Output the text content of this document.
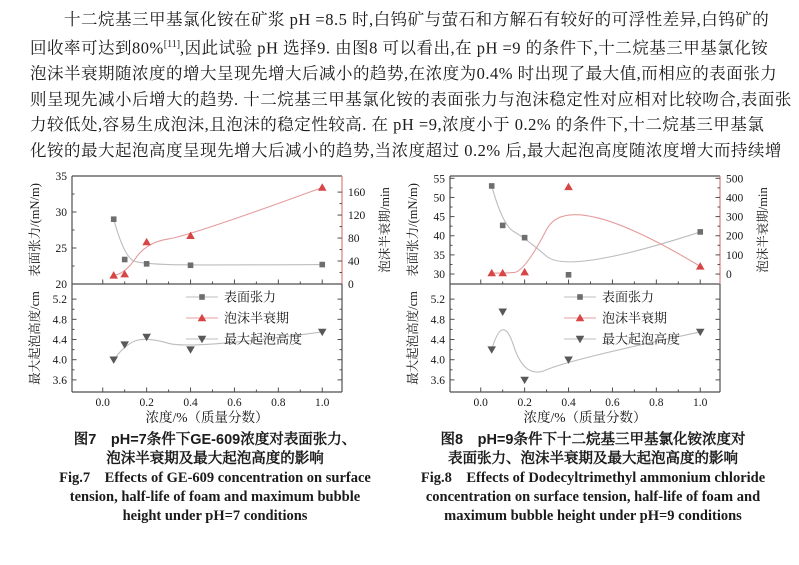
十二烷基三甲基氯化铵在矿浆 pH =8.5 时,白钨矿与萤石和方解石有较好的可浮性差异,白钨矿的
回收率可达到80%[11],因此试验 pH 选择9. 由图8 可以看出,在 pH =9 的条件下,十二烷基三甲基氯化铵
泡沫半衰期随浓度的增大呈现先增大后减小的趋势,在浓度为0.4% 时出现了最大值,而相应的表面张力
则呈现先减小后增大的趋势. 十二烷基三甲基氯化铵的表面张力与泡沫稳定性对应相对比较吻合,表面张
力较低处,容易生成泡沫,且泡沫的稳定性较高. 在 pH =9,浓度小于 0.2% 的条件下,十二烷基三甲基氯
化铵的最大起泡高度呈现先增大后减小的趋势,当浓度超过 0.2% 后,最大起泡高度随浓度增大而持续增
0.0	0.2	0.4	0.6	0.8	1.0
浓度/%（质量分数）
20
25
30
35
表面张力/(mN/m)
0
40
80
120
160 泡沫半衰期/min
3.6
4.0
4.4
4.8
5.2
最大起泡高度/cm	表面张力
泡沫半衰期
最大起泡高度
图7　pH=7条件下GE-609浓度对表面张力、
泡沫半衰期及最大起泡高度的影响
Fig.7　Effects of GE-609 concentration on surface
tension, half-life of foam and maximum bubble
height under pH=7 conditions
0.0	0.2	0.4	0.6	0.8	1.0
浓度/%（质量分数）
30
35
40
45
50
55
表面张力/(mN/m)	0
100
200
300
400
500
泡沫半衰期/min
3.6
4.0
4.4
4.8
5.2
最大起泡高度/cm	表面张力
泡沫半衰期
最大起泡高度
图8　pH=9条件下十二烷基三甲基氯化铵浓度对
表面张力、泡沫半衰期及最大起泡高度的影响
Fig.8　Effects of Dodecyltrimethyl ammonium chloride
concentration on surface tension, half-life of foam and
maximum bubble height under pH=9 conditions
